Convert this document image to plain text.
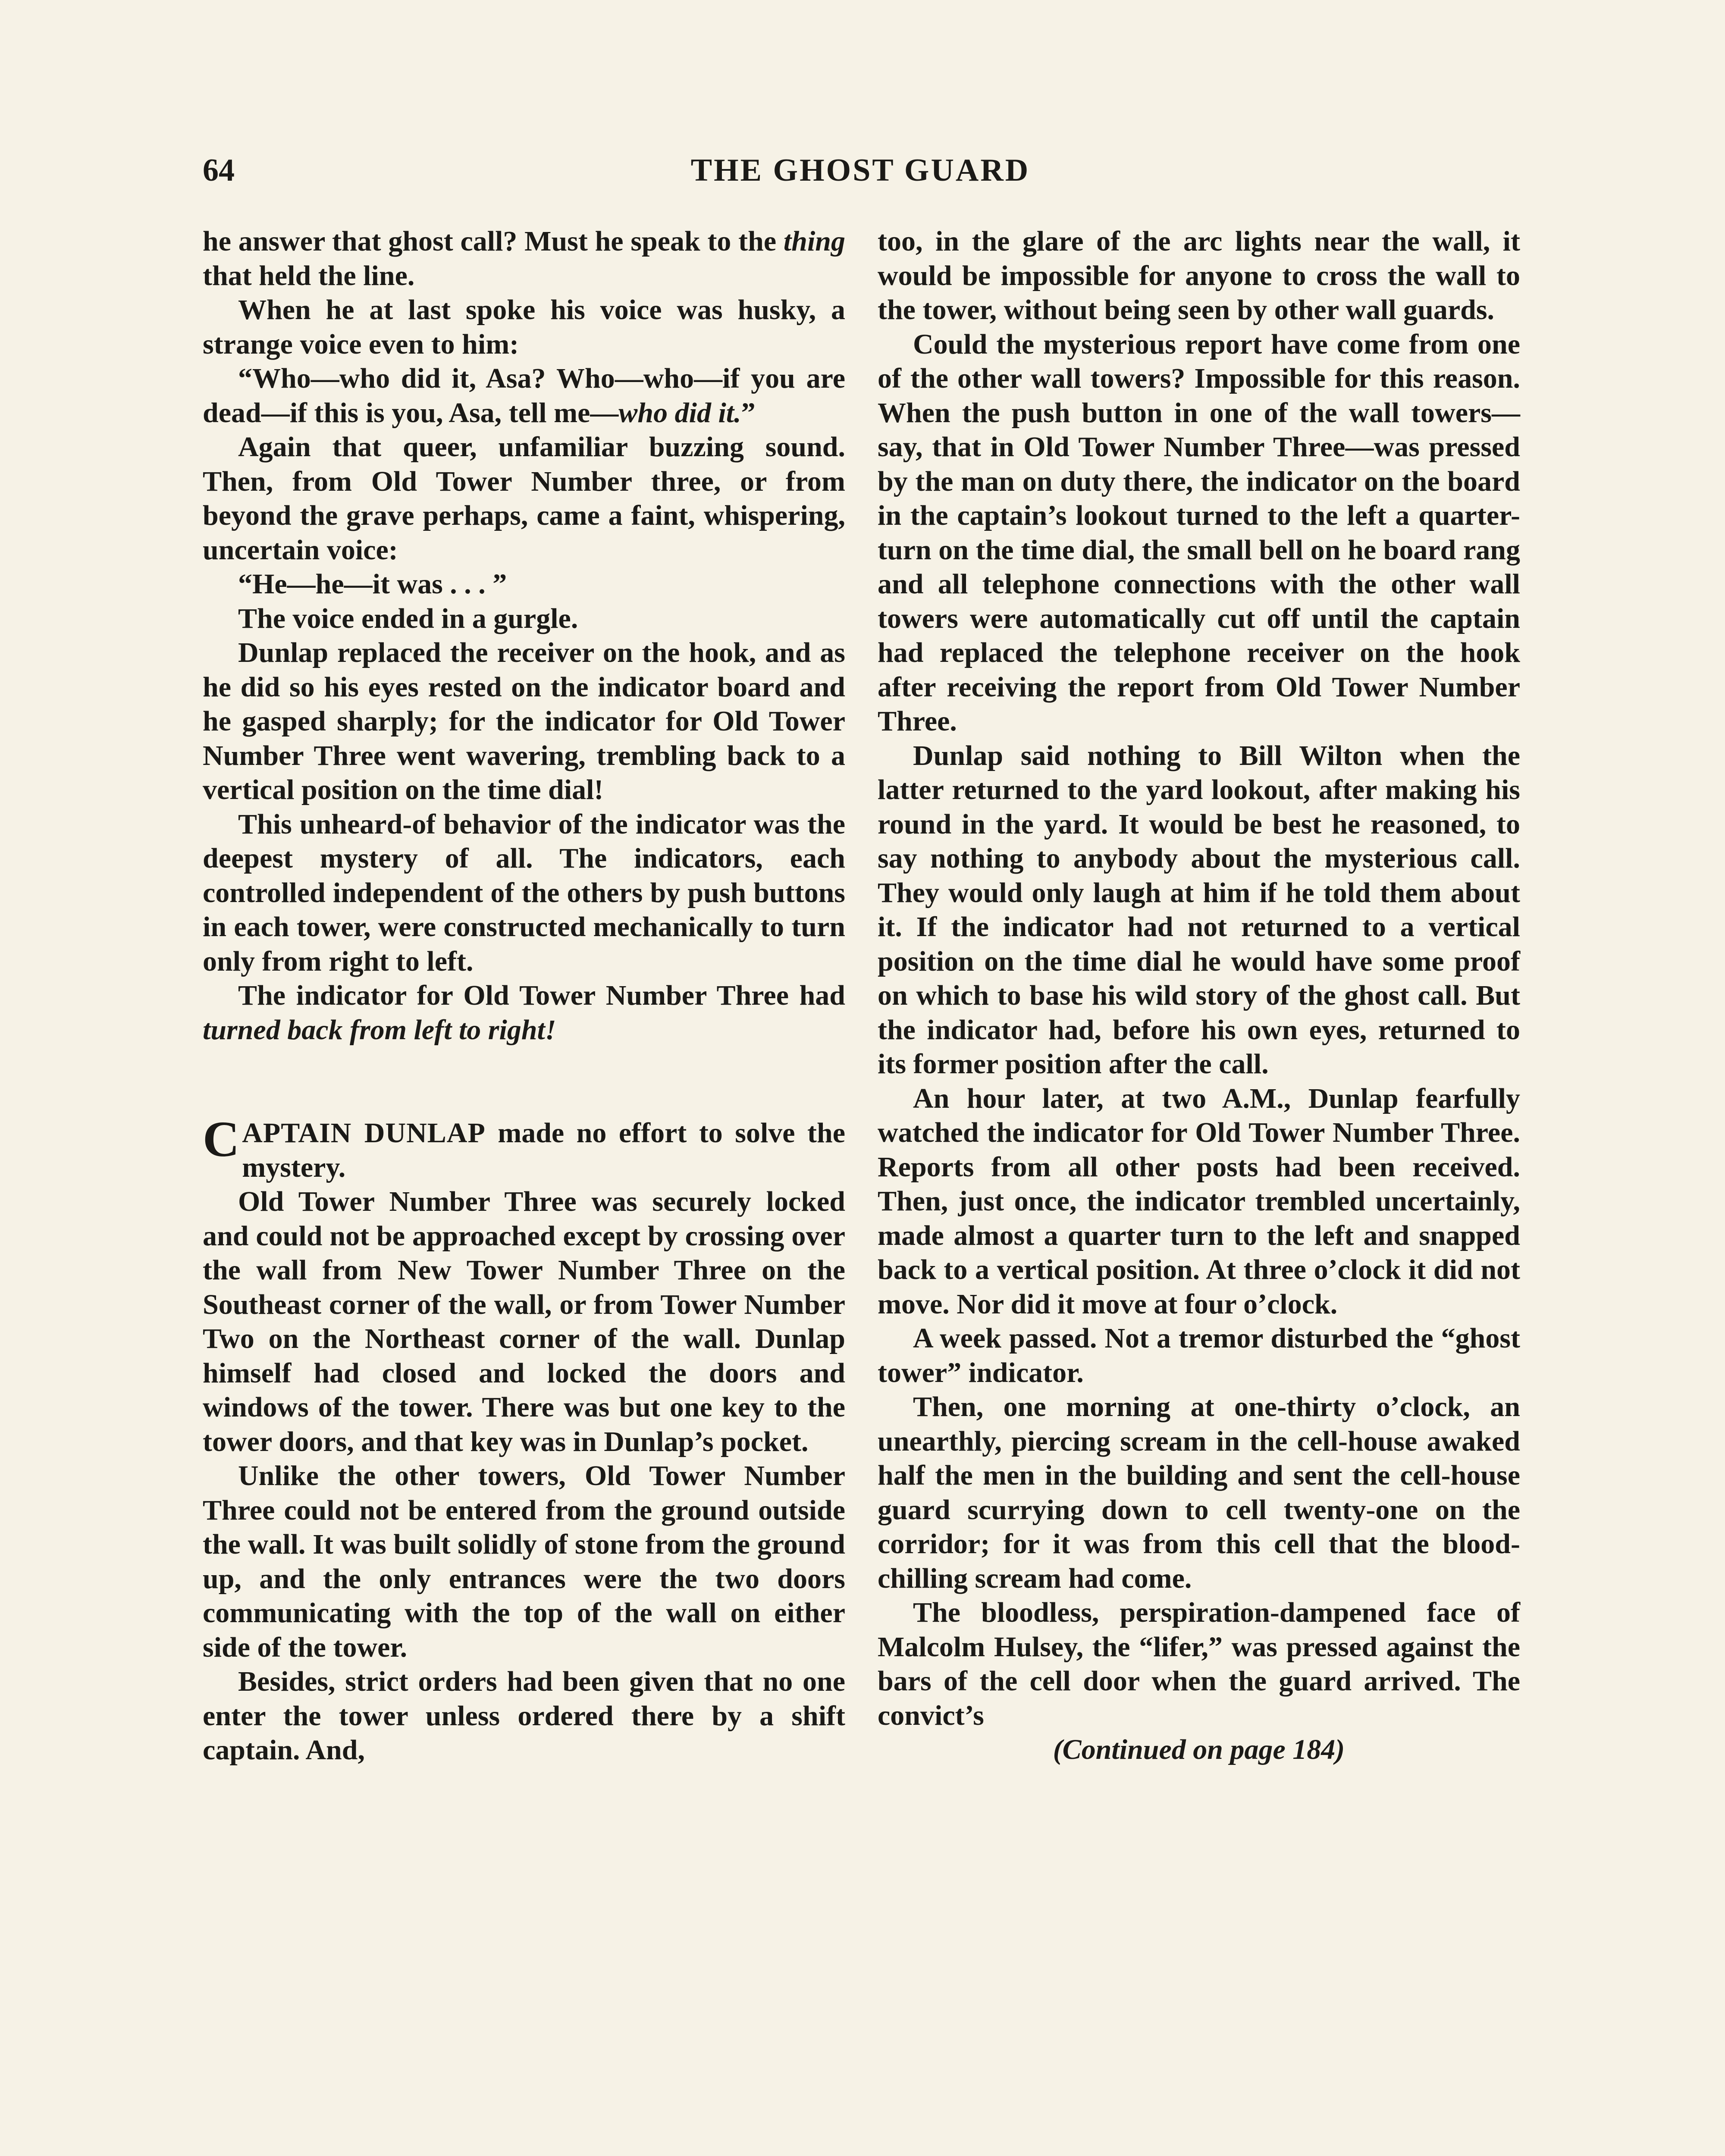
64	THE GHOST GUARD

he answer that ghost call? Must he speak to the thing that held the line.

When he at last spoke his voice was husky, a strange voice even to him:

“Who—who did it, Asa? Who—who—if you are dead—if this is you, Asa, tell me—who did it.”

Again that queer, unfamiliar buzzing sound. Then, from Old Tower Number three, or from beyond the grave perhaps, came a faint, whispering, uncertain voice:

“He—he—it was . . . ”

The voice ended in a gurgle.

Dunlap replaced the receiver on the hook, and as he did so his eyes rested on the indicator board and he gasped sharply; for the indicator for Old Tower Number Three went wavering, trembling back to a vertical position on the time dial!

This unheard-of behavior of the indicator was the deepest mystery of all. The indicators, each controlled independent of the others by push buttons in each tower, were constructed mechanically to turn only from right to left.

The indicator for Old Tower Number Three had turned back from left to right!

CAPTAIN DUNLAP made no effort to solve the mystery.

Old Tower Number Three was securely locked and could not be approached except by crossing over the wall from New Tower Number Three on the Southeast corner of the wall, or from Tower Number Two on the Northeast corner of the wall. Dunlap himself had closed and locked the doors and windows of the tower. There was but one key to the tower doors, and that key was in Dunlap’s pocket.

Unlike the other towers, Old Tower Number Three could not be entered from the ground outside the wall. It was built solidly of stone from the ground up, and the only entrances were the two doors communicating with the top of the wall on either side of the tower.

Besides, strict orders had been given that no one enter the tower unless ordered there by a shift captain. And,

too, in the glare of the arc lights near the wall, it would be impossible for anyone to cross the wall to the tower, without being seen by other wall guards.

Could the mysterious report have come from one of the other wall towers? Impossible for this reason. When the push button in one of the wall towers—say, that in Old Tower Number Three—was pressed by the man on duty there, the indicator on the board in the captain’s lookout turned to the left a quarter-turn on the time dial, the small bell on he board rang and all telephone connections with the other wall towers were automatically cut off until the captain had replaced the telephone receiver on the hook after receiving the report from Old Tower Number Three.

Dunlap said nothing to Bill Wilton when the latter returned to the yard lookout, after making his round in the yard. It would be best he reasoned, to say nothing to anybody about the mysterious call. They would only laugh at him if he told them about it. If the indicator had not returned to a vertical position on the time dial he would have some proof on which to base his wild story of the ghost call. But the indicator had, before his own eyes, returned to its former position after the call.

An hour later, at two A.M., Dunlap fearfully watched the indicator for Old Tower Number Three. Reports from all other posts had been received. Then, just once, the indicator trembled uncertainly, made almost a quarter turn to the left and snapped back to a vertical position. At three o’clock it did not move. Nor did it move at four o’clock.

A week passed. Not a tremor disturbed the “ghost tower” indicator.

Then, one morning at one-thirty o’clock, an unearthly, piercing scream in the cell-house awaked half the men in the building and sent the cell-house guard scurrying down to cell twenty-one on the corridor; for it was from this cell that the blood-chilling scream had come.

The bloodless, perspiration-dampened face of Malcolm Hulsey, the “lifer,” was pressed against the bars of the cell door when the guard arrived. The convict’s

(Continued on page 184)
